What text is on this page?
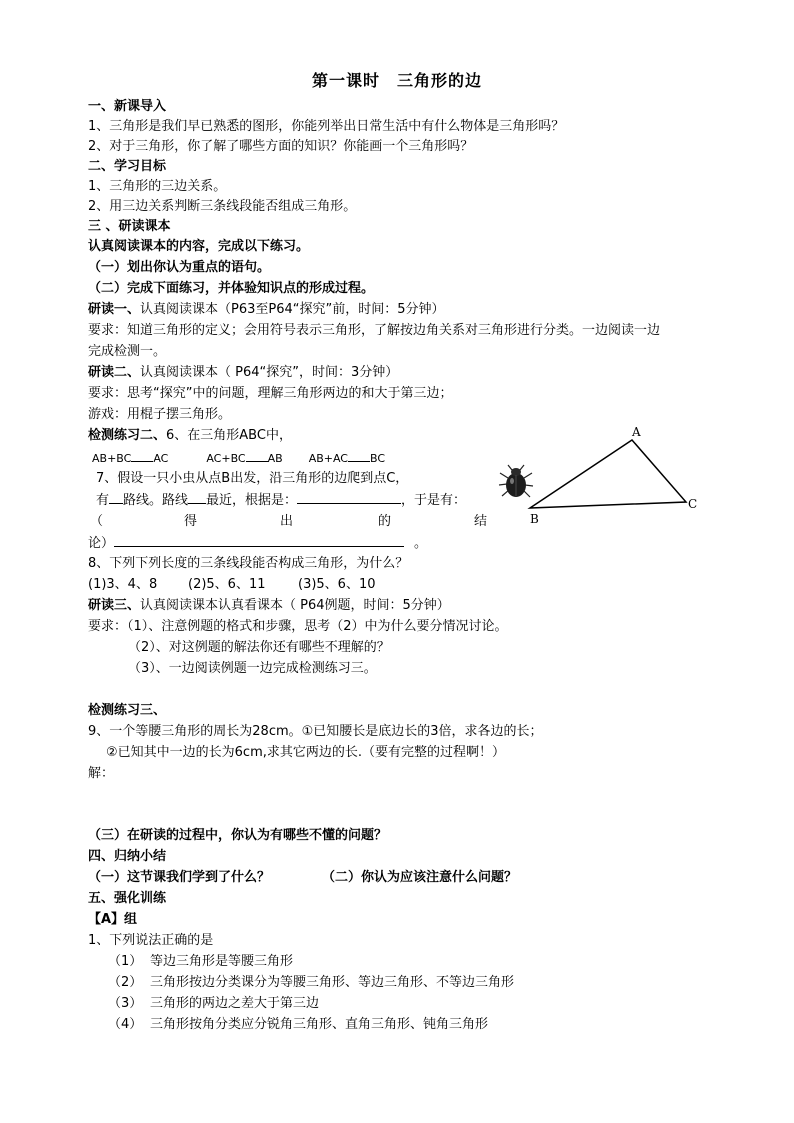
第一课时　三角形的边
一、新课导入
1、三角形是我们早已熟悉的图形，你能列举出日常生活中有什么物体是三角形吗？
2、对于三角形，你了解了哪些方面的知识？你能画一个三角形吗？
二、学习目标
1、三角形的三边关系。
2、用三边关系判断三条线段能否组成三角形。
三 、研读课本
认真阅读课本的内容，完成以下练习。
（一）划出你认为重点的语句。
（二）完成下面练习，并体验知识点的形成过程。
研读一、认真阅读课本（P63至P64“探究”前，时间：5分钟）
要求：知道三角形的定义；会用符号表示三角形，了解按边角关系对三角形进行分类。一边阅读一边
完成检测一。
研读二、认真阅读课本（ P64“探究”，时间：3分钟）
要求：思考“探究”中的问题，理解三角形两边的和大于第三边；
游戏：用棍子摆三角形。
检测练习二、6、在三角形ABC中，
AB+BC AC	AC+BC AB AB+AC BC
7、假设一只小虫从点B出发，沿三角形的边爬到点C，
有 路线。路线 最近，根据是：	，于是有：
（	得	出	的	结
论）	。
8、下列下列长度的三条线段能否构成三角形，为什么？
(1)3、4、8 (2)5、6、11	(3)5、6、10
研读三、认真阅读课本认真看课本（ P64例题，时间：5分钟）
要求：（1）、注意例题的格式和步骤，思考（2）中为什么要分情况讨论。
（2）、对这例题的解法你还有哪些不理解的？
（3）、一边阅读例题一边完成检测练习三。
检测练习三、
9、一个等腰三角形的周长为28cm。①已知腰长是底边长的3倍，求各边的长；
②已知其中一边的长为6cm,求其它两边的长.（要有完整的过程啊！）
解：
（三）在研读的过程中，你认为有哪些不懂的问题？
四、归纳小结
（一）这节课我们学到了什么？	（二）你认为应该注意什么问题？
五、强化训练
【A】组
1、下列说法正确的是
（1） 等边三角形是等腰三角形
（2） 三角形按边分类课分为等腰三角形、等边三角形、不等边三角形
（3） 三角形的两边之差大于第三边
（4） 三角形按角分类应分锐角三角形、直角三角形、钝角三角形
A
B
C
